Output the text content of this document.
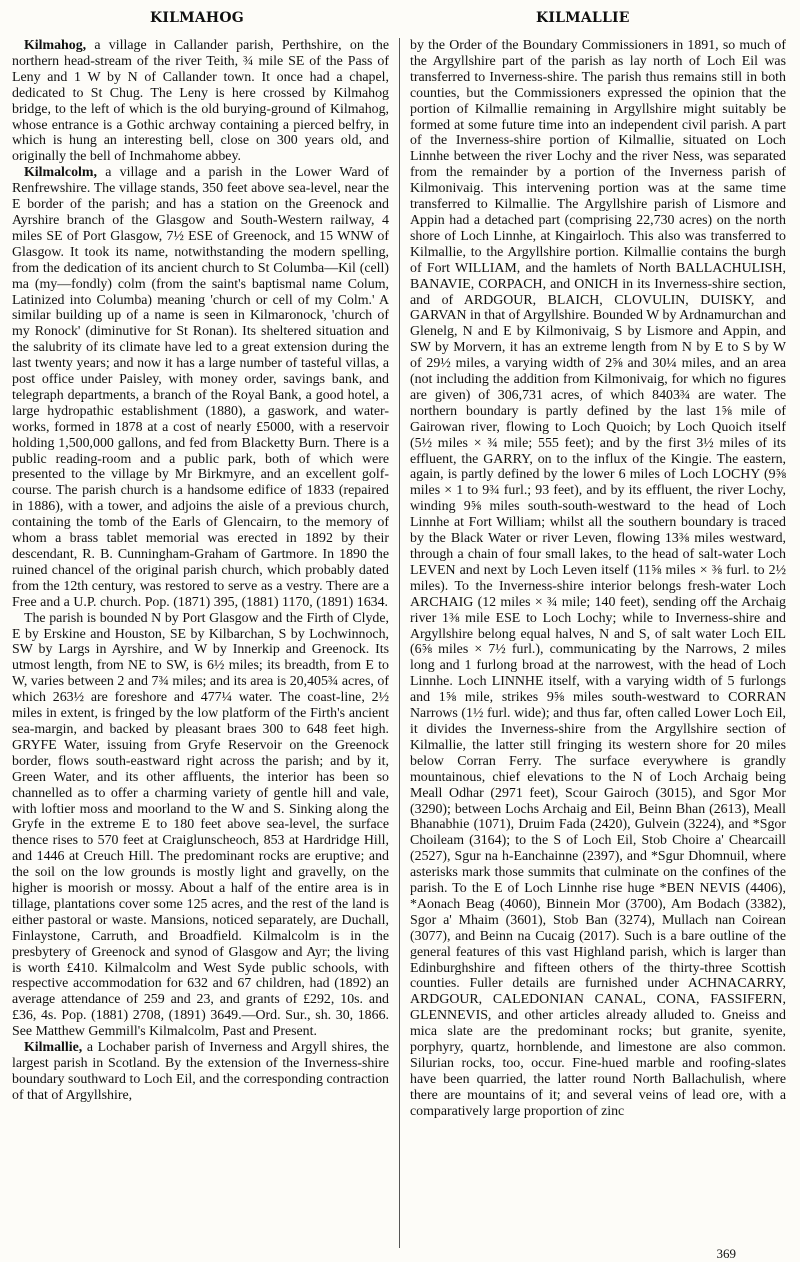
KILMAHOG	KILMALLIE

Kilmahog, a village in Callander parish, Perthshire, on the northern head-stream of the river Teith, ¾ mile SE of the Pass of Leny and 1 W by N of Callander town. It once had a chapel, dedicated to St Chug. The Leny is here crossed by Kilmahog bridge, to the left of which is the old burying-ground of Kilmahog, whose entrance is a Gothic archway containing a pierced belfry, in which is hung an interesting bell, close on 300 years old, and originally the bell of Inchmahome abbey.

Kilmalcolm, a village and a parish in the Lower Ward of Renfrewshire. The village stands, 350 feet above sea-level, near the E border of the parish; and has a station on the Greenock and Ayrshire branch of the Glasgow and South-Western railway, 4 miles SE of Port Glasgow, 7½ ESE of Greenock, and 15 WNW of Glasgow. It took its name, notwithstanding the modern spelling, from the dedication of its ancient church to St Columba—Kil (cell) ma (my—fondly) colm (from the saint's baptismal name Colum, Latinized into Columba) meaning 'church or cell of my Colm.' A similar building up of a name is seen in Kilmaronock, 'church of my Ronock' (diminutive for St Ronan). Its sheltered situation and the salubrity of its climate have led to a great extension during the last twenty years; and now it has a large number of tasteful villas, a post office under Paisley, with money order, savings bank, and telegraph departments, a branch of the Royal Bank, a good hotel, a large hydropathic establishment (1880), a gaswork, and water-works, formed in 1878 at a cost of nearly £5000, with a reservoir holding 1,500,000 gallons, and fed from Blacketty Burn. There is a public reading-room and a public park, both of which were presented to the village by Mr Birkmyre, and an excellent golf-course. The parish church is a handsome edifice of 1833 (repaired in 1886), with a tower, and adjoins the aisle of a previous church, containing the tomb of the Earls of Glencairn, to the memory of whom a brass tablet memorial was erected in 1892 by their descendant, R. B. Cunningham-Graham of Gartmore. In 1890 the ruined chancel of the original parish church, which probably dated from the 12th century, was restored to serve as a vestry. There are a Free and a U.P. church. Pop. (1871) 395, (1881) 1170, (1891) 1634.

The parish is bounded N by Port Glasgow and the Firth of Clyde, E by Erskine and Houston, SE by Kilbarchan, S by Lochwinnoch, SW by Largs in Ayrshire, and W by Innerkip and Greenock. Its utmost length, from NE to SW, is 6½ miles; its breadth, from E to W, varies between 2 and 7¾ miles; and its area is 20,405¾ acres, of which 263½ are foreshore and 477¼ water. The coast-line, 2½ miles in extent, is fringed by the low platform of the Firth's ancient sea-margin, and backed by pleasant braes 300 to 648 feet high. GRYFE Water, issuing from Gryfe Reservoir on the Greenock border, flows south-eastward right across the parish; and by it, Green Water, and its other affluents, the interior has been so channelled as to offer a charming variety of gentle hill and vale, with loftier moss and moorland to the W and S. Sinking along the Gryfe in the extreme E to 180 feet above sea-level, the surface thence rises to 570 feet at Craiglunscheoch, 853 at Hardridge Hill, and 1446 at Creuch Hill. The predominant rocks are eruptive; and the soil on the low grounds is mostly light and gravelly, on the higher is moorish or mossy. About a half of the entire area is in tillage, plantations cover some 125 acres, and the rest of the land is either pastoral or waste. Mansions, noticed separately, are Duchall, Finlaystone, Carruth, and Broadfield. Kilmalcolm is in the presbytery of Greenock and synod of Glasgow and Ayr; the living is worth £410. Kilmalcolm and West Syde public schools, with respective accommodation for 632 and 67 children, had (1892) an average attendance of 259 and 23, and grants of £292, 10s. and £36, 4s. Pop. (1881) 2708, (1891) 3649.—Ord. Sur., sh. 30, 1866. See Matthew Gemmill's Kilmalcolm, Past and Present.

Kilmallie, a Lochaber parish of Inverness and Argyll shires, the largest parish in Scotland. By the extension of the Inverness-shire boundary southward to Loch Eil, and the corresponding contraction of that of Argyllshire,

by the Order of the Boundary Commissioners in 1891, so much of the Argyllshire part of the parish as lay north of Loch Eil was transferred to Inverness-shire. The parish thus remains still in both counties, but the Commissioners expressed the opinion that the portion of Kilmallie remaining in Argyllshire might suitably be formed at some future time into an independent civil parish. A part of the Inverness-shire portion of Kilmallie, situated on Loch Linnhe between the river Lochy and the river Ness, was separated from the remainder by a portion of the Inverness parish of Kilmonivaig. This intervening portion was at the same time transferred to Kilmallie. The Argyllshire parish of Lismore and Appin had a detached part (comprising 22,730 acres) on the north shore of Loch Linnhe, at Kingairloch. This also was transferred to Kilmallie, to the Argyllshire portion. Kilmallie contains the burgh of Fort WILLIAM, and the hamlets of North BALLACHULISH, BANAVIE, CORPACH, and ONICH in its Inverness-shire section, and of ARDGOUR, BLAICH, CLOVULIN, DUISKY, and GARVAN in that of Argyllshire. Bounded W by Ardnamurchan and Glenelg, N and E by Kilmonivaig, S by Lismore and Appin, and SW by Morvern, it has an extreme length from N by E to S by W of 29½ miles, a varying width of 2⅝ and 30¼ miles, and an area (not including the addition from Kilmonivaig, for which no figures are given) of 306,731 acres, of which 8403¾ are water. The northern boundary is partly defined by the last 1⅝ mile of Gairowan river, flowing to Loch Quoich; by Loch Quoich itself (5½ miles × ¾ mile; 555 feet); and by the first 3½ miles of its effluent, the GARRY, on to the influx of the Kingie. The eastern, again, is partly defined by the lower 6 miles of Loch LOCHY (9⅝ miles × 1 to 9¾ furl.; 93 feet), and by its effluent, the river Lochy, winding 9⅝ miles south-south-westward to the head of Loch Linnhe at Fort William; whilst all the southern boundary is traced by the Black Water or river Leven, flowing 13⅜ miles westward, through a chain of four small lakes, to the head of salt-water Loch LEVEN and next by Loch Leven itself (11⅝ miles × ⅜ furl. to 2½ miles). To the Inverness-shire interior belongs fresh-water Loch ARCHAIG (12 miles × ¾ mile; 140 feet), sending off the Archaig river 1⅜ mile ESE to Loch Lochy; while to Inverness-shire and Argyllshire belong equal halves, N and S, of salt water Loch EIL (6⅝ miles × 7½ furl.), communicating by the Narrows, 2 miles long and 1 furlong broad at the narrowest, with the head of Loch Linnhe. Loch LINNHE itself, with a varying width of 5 furlongs and 1⅝ mile, strikes 9⅝ miles south-westward to CORRAN Narrows (1½ furl. wide); and thus far, often called Lower Loch Eil, it divides the Inverness-shire from the Argyllshire section of Kilmallie, the latter still fringing its western shore for 20 miles below Corran Ferry. The surface everywhere is grandly mountainous, chief elevations to the N of Loch Archaig being Meall Odhar (2971 feet), Scour Gairoch (3015), and Sgor Mor (3290); between Lochs Archaig and Eil, Beinn Bhan (2613), Meall Bhanabhie (1071), Druim Fada (2420), Gulvein (3224), and *Sgor Choileam (3164); to the S of Loch Eil, Stob Choire a' Chearcaill (2527), Sgur na h-Eanchainne (2397), and *Sgur Dhomnuil, where asterisks mark those summits that culminate on the confines of the parish. To the E of Loch Linnhe rise huge *BEN NEVIS (4406), *Aonach Beag (4060), Binnein Mor (3700), Am Bodach (3382), Sgor a' Mhaim (3601), Stob Ban (3274), Mullach nan Coirean (3077), and Beinn na Cucaig (2017). Such is a bare outline of the general features of this vast Highland parish, which is larger than Edinburghshire and fifteen others of the thirty-three Scottish counties. Fuller details are furnished under ACHNACARRY, ARDGOUR, CALEDONIAN CANAL, CONA, FASSIFERN, GLENNEVIS, and other articles already alluded to. Gneiss and mica slate are the predominant rocks; but granite, syenite, porphyry, quartz, hornblende, and limestone are also common. Silurian rocks, too, occur. Fine-hued marble and roofing-slates have been quarried, the latter round North Ballachulish, where there are mountains of it; and several veins of lead ore, with a comparatively large proportion of zinc

369
